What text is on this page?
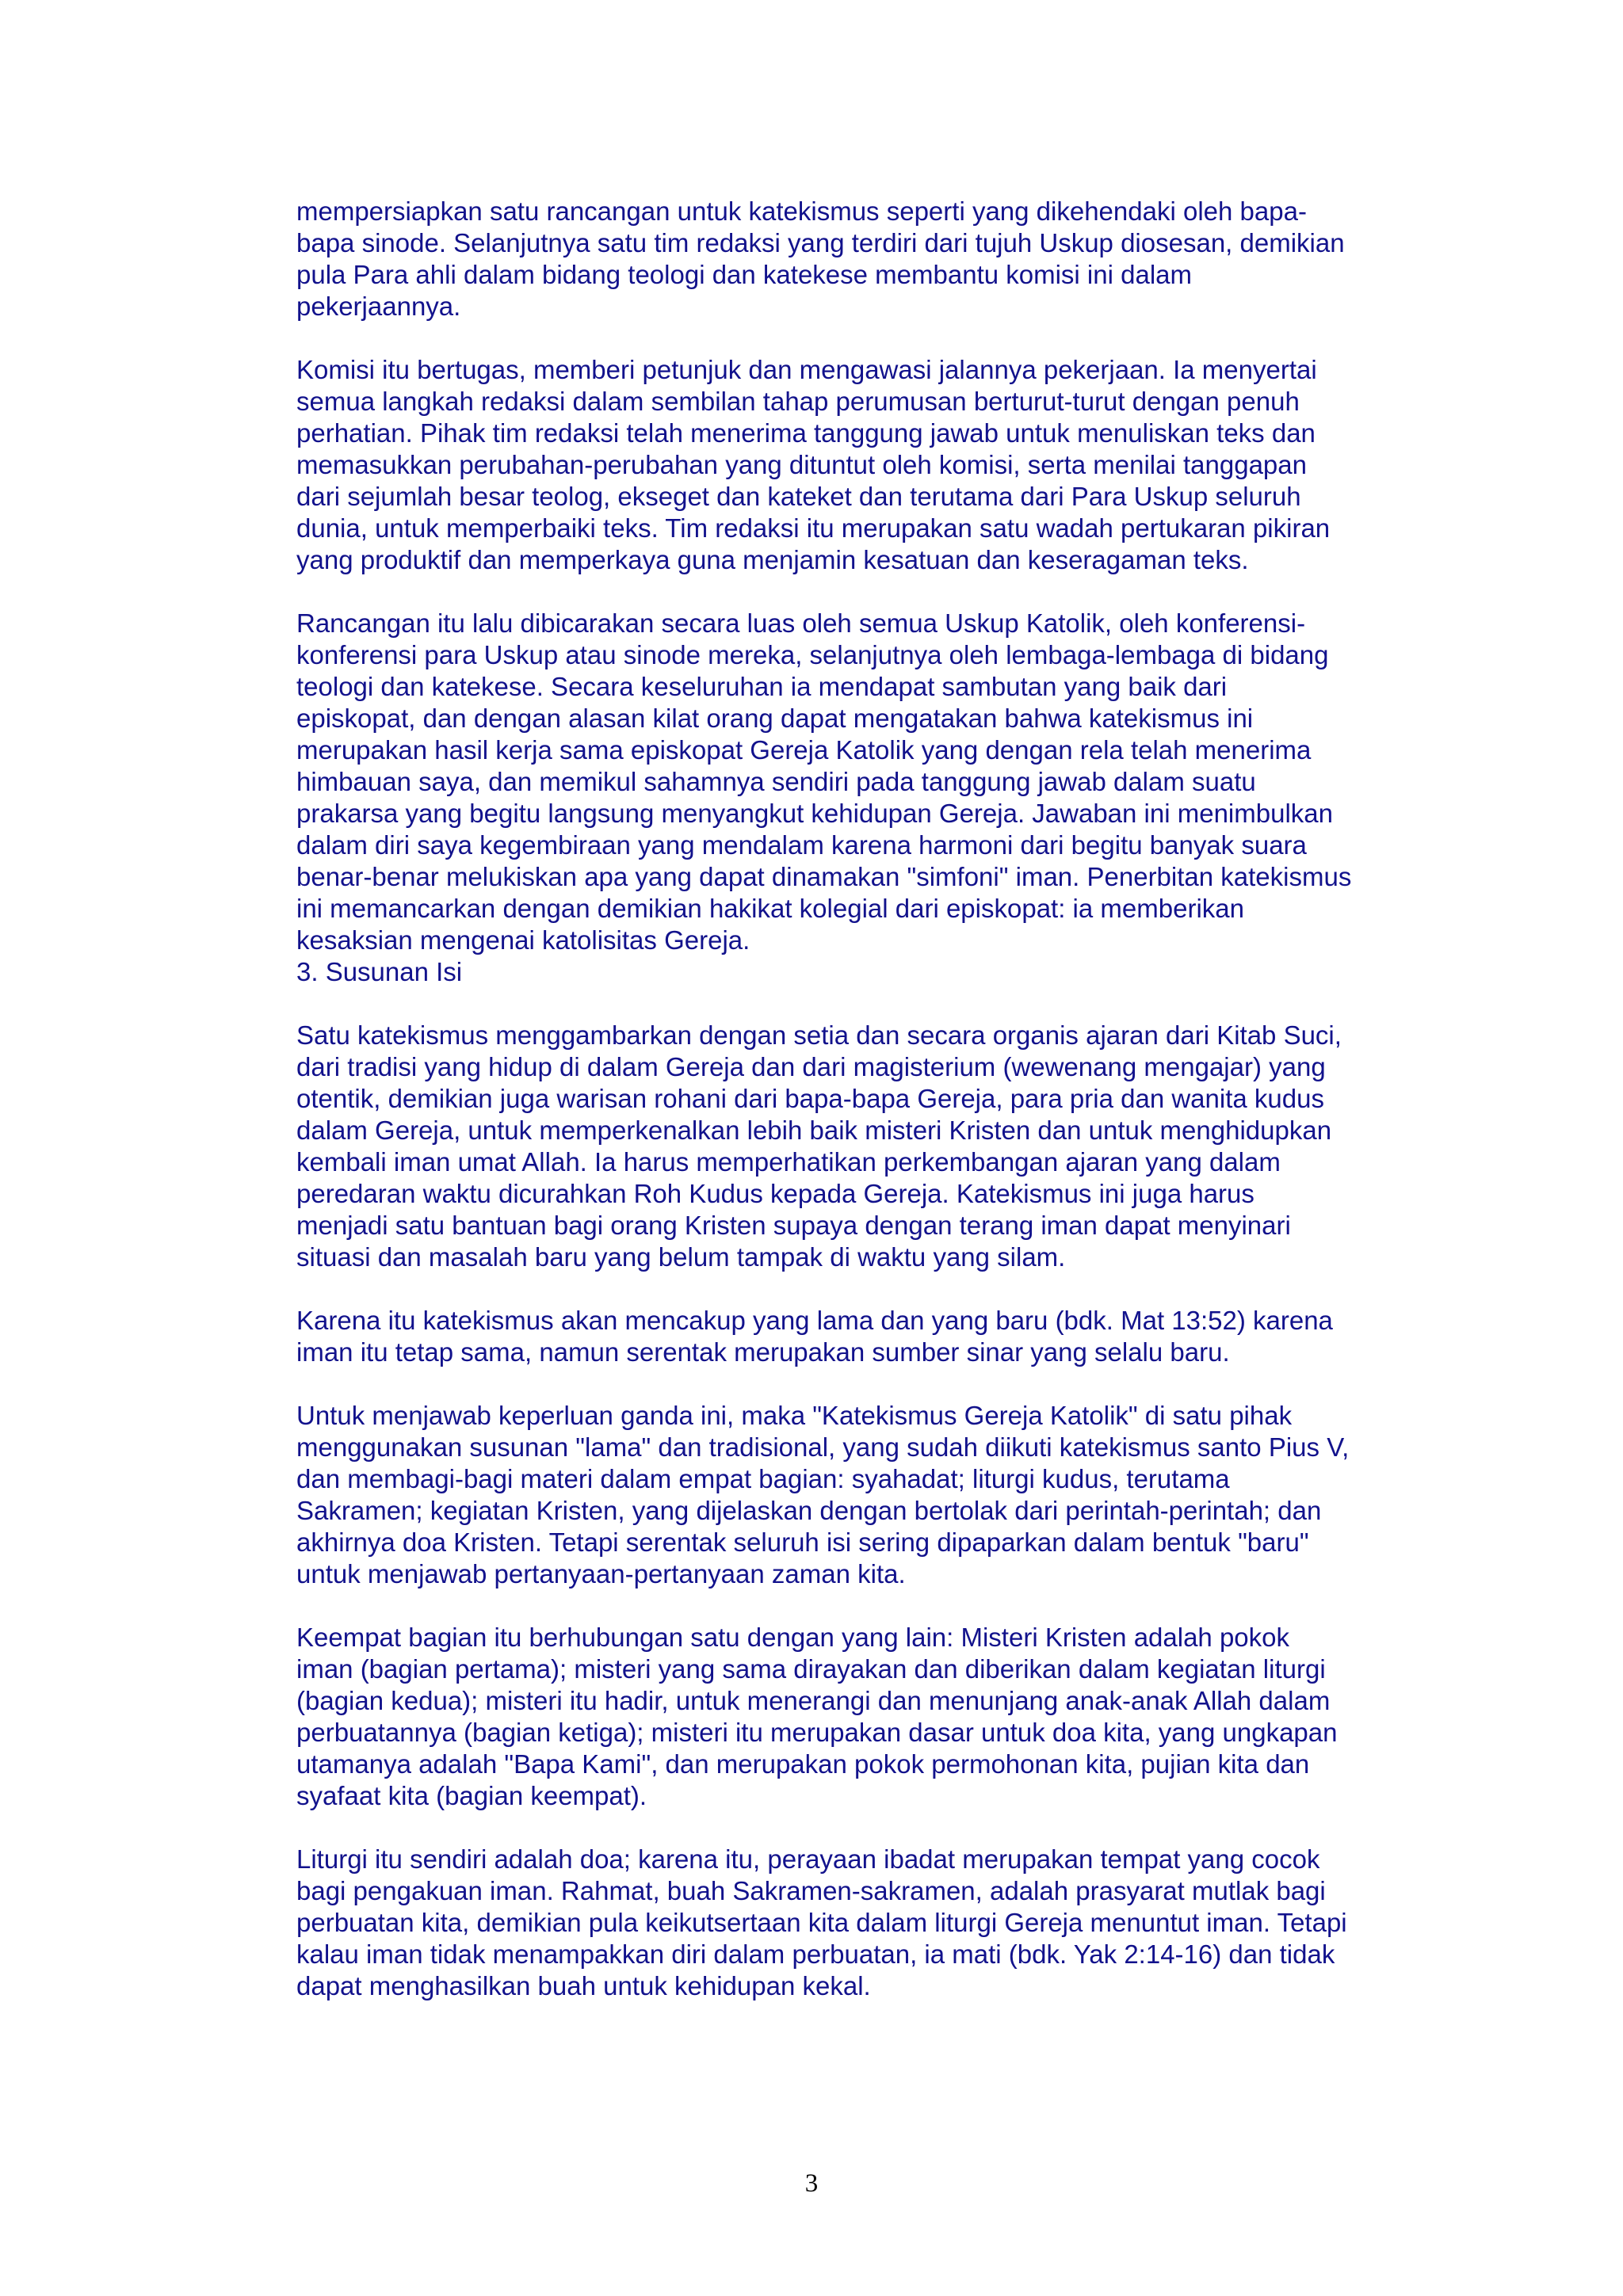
mempersiapkan satu rancangan untuk katekismus seperti yang dikehendaki oleh bapa-
bapa sinode. Selanjutnya satu tim redaksi yang terdiri dari tujuh Uskup diosesan, demikian
pula Para ahli dalam bidang teologi dan katekese membantu komisi ini dalam
pekerjaannya.

Komisi itu bertugas, memberi petunjuk dan mengawasi jalannya pekerjaan. Ia menyertai
semua langkah redaksi dalam sembilan tahap perumusan berturut-turut dengan penuh
perhatian. Pihak tim redaksi telah menerima tanggung jawab untuk menuliskan teks dan
memasukkan perubahan-perubahan yang dituntut oleh komisi, serta menilai tanggapan
dari sejumlah besar teolog, ekseget dan kateket dan terutama dari Para Uskup seluruh
dunia, untuk memperbaiki teks. Tim redaksi itu merupakan satu wadah pertukaran pikiran
yang produktif dan memperkaya guna menjamin kesatuan dan keseragaman teks.

Rancangan itu lalu dibicarakan secara luas oleh semua Uskup Katolik, oleh konferensi-
konferensi para Uskup atau sinode mereka, selanjutnya oleh lembaga-lembaga di bidang
teologi dan katekese. Secara keseluruhan ia mendapat sambutan yang baik dari
episkopat, dan dengan alasan kilat orang dapat mengatakan bahwa katekismus ini
merupakan hasil kerja sama episkopat Gereja Katolik yang dengan rela telah menerima
himbauan saya, dan memikul sahamnya sendiri pada tanggung jawab dalam suatu
prakarsa yang begitu langsung menyangkut kehidupan Gereja. Jawaban ini menimbulkan
dalam diri saya kegembiraan yang mendalam karena harmoni dari begitu banyak suara
benar-benar melukiskan apa yang dapat dinamakan "simfoni" iman. Penerbitan katekismus
ini memancarkan dengan demikian hakikat kolegial dari episkopat: ia memberikan
kesaksian mengenai katolisitas Gereja.

3. Susunan Isi

Satu katekismus menggambarkan dengan setia dan secara organis ajaran dari Kitab Suci,
dari tradisi yang hidup di dalam Gereja dan dari magisterium (wewenang mengajar) yang
otentik, demikian juga warisan rohani dari bapa-bapa Gereja, para pria dan wanita kudus
dalam Gereja, untuk memperkenalkan lebih baik misteri Kristen dan untuk menghidupkan
kembali iman umat Allah. Ia harus memperhatikan perkembangan ajaran yang dalam
peredaran waktu dicurahkan Roh Kudus kepada Gereja. Katekismus ini juga harus
menjadi satu bantuan bagi orang Kristen supaya dengan terang iman dapat menyinari
situasi dan masalah baru yang belum tampak di waktu yang silam.

Karena itu katekismus akan mencakup yang lama dan yang baru (bdk. Mat 13:52) karena
iman itu tetap sama, namun serentak merupakan sumber sinar yang selalu baru.

Untuk menjawab keperluan ganda ini, maka "Katekismus Gereja Katolik" di satu pihak
menggunakan susunan "lama" dan tradisional, yang sudah diikuti katekismus santo Pius V,
dan membagi-bagi materi dalam empat bagian: syahadat; liturgi kudus, terutama
Sakramen; kegiatan Kristen, yang dijelaskan dengan bertolak dari perintah-perintah; dan
akhirnya doa Kristen. Tetapi serentak seluruh isi sering dipaparkan dalam bentuk "baru"
untuk menjawab pertanyaan-pertanyaan zaman kita.

Keempat bagian itu berhubungan satu dengan yang lain: Misteri Kristen adalah pokok
iman (bagian pertama); misteri yang sama dirayakan dan diberikan dalam kegiatan liturgi
(bagian kedua); misteri itu hadir, untuk menerangi dan menunjang anak-anak Allah dalam
perbuatannya (bagian ketiga); misteri itu merupakan dasar untuk doa kita, yang ungkapan
utamanya adalah "Bapa Kami", dan merupakan pokok permohonan kita, pujian kita dan
syafaat kita (bagian keempat).

Liturgi itu sendiri adalah doa; karena itu, perayaan ibadat merupakan tempat yang cocok
bagi pengakuan iman. Rahmat, buah Sakramen-sakramen, adalah prasyarat mutlak bagi
perbuatan kita, demikian pula keikutsertaan kita dalam liturgi Gereja menuntut iman. Tetapi
kalau iman tidak menampakkan diri dalam perbuatan, ia mati (bdk. Yak 2:14-16) dan tidak
dapat menghasilkan buah untuk kehidupan kekal.

3
